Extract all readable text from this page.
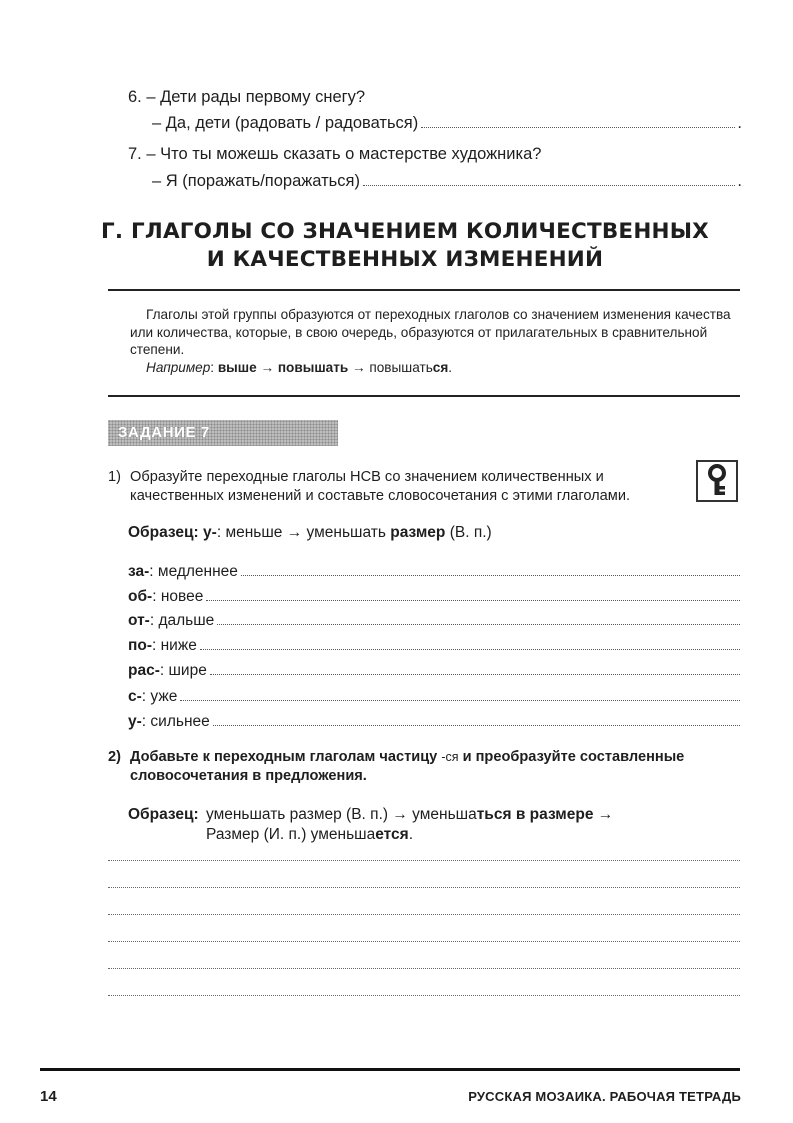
6. – Дети рады первому снегу?
– Да, дети (радовать / радоваться)	.
7. – Что ты можешь сказать о мастерстве художника?
– Я (поражать/поражаться)	.
Г. ГЛАГОЛЫ СО ЗНАЧЕНИЕМ КОЛИЧЕСТВЕННЫХ
И КАЧЕСТВЕННЫХ ИЗМЕНЕНИЙ
Глаголы этой группы образуются от переходных глаголов со значением изменения качества или количества, которые, в свою очередь, образуются от прилагательных в сравнительной степени.
Например: выше → повышать → повышаться.
ЗАДАНИЕ 7
1) Образуйте переходные глаголы НСВ со значением количественных и качественных изменений и составьте словосочетания с этими глаголами.
Образец: у-: меньше → уменьшать размер (В. п.)
за- : медленнее
об- : новее
от- : дальше
по- : ниже
рас- : шире
с- : уже
у- : сильнее
2) Добавьте к переходным глаголам частицу -ся и преобразуйте составленные словосочетания в предложения.
Образец: уменьшать размер (В. п.) → уменьшаться в размере →
Размер (И. п.) уменьшается.
14	РУССКАЯ МОЗАИКА. РАБОЧАЯ ТЕТРАДЬ
